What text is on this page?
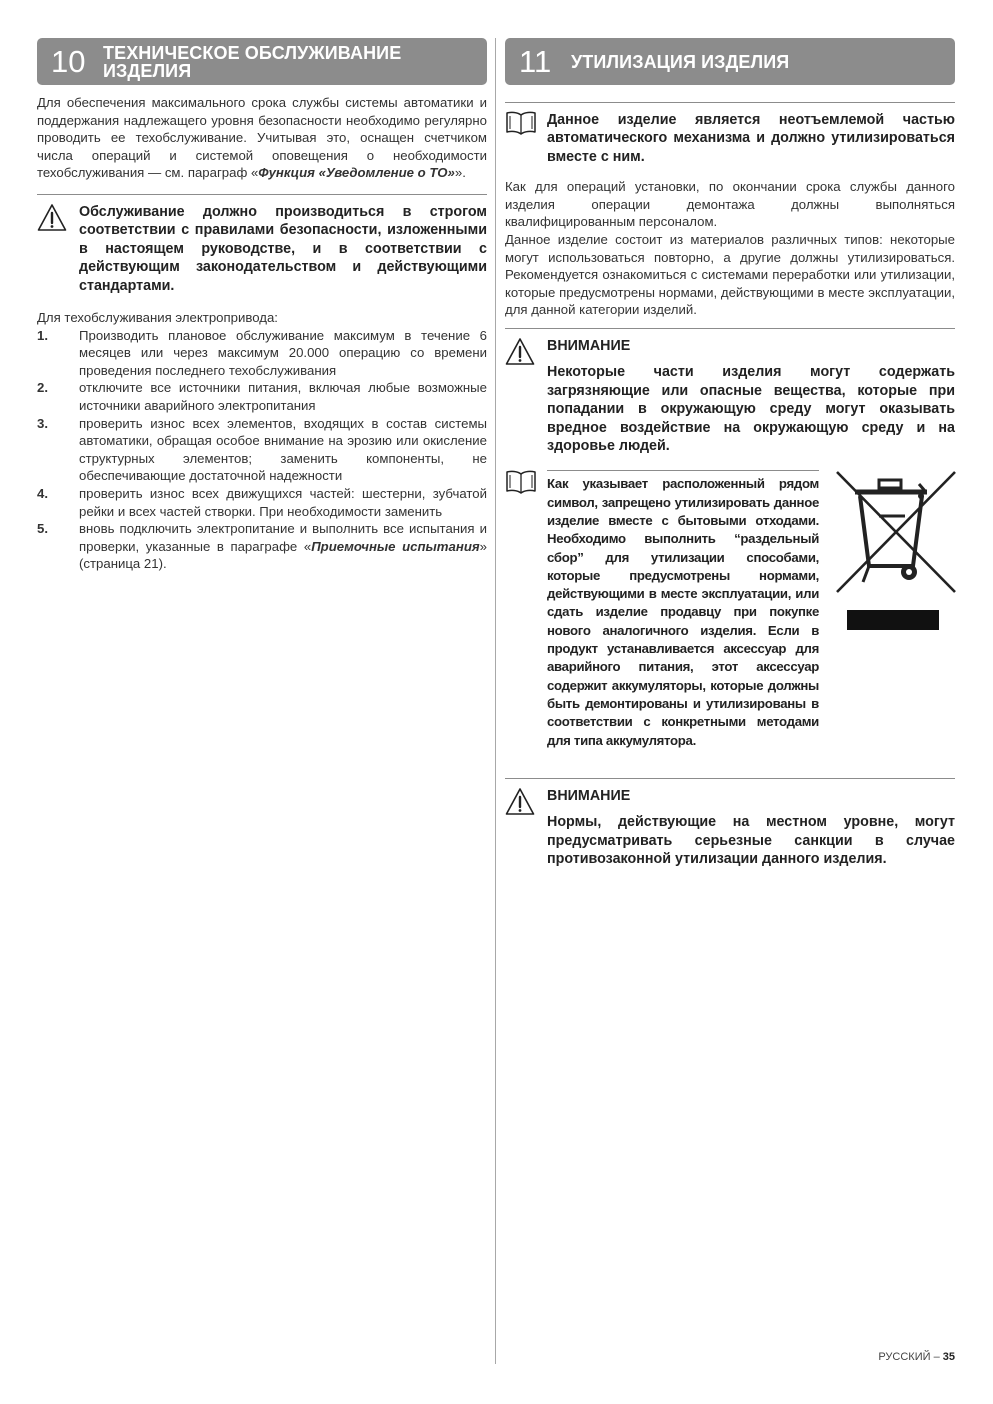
10 ТЕХНИЧЕСКОЕ ОБСЛУЖИВАНИЕ
ИЗДЕЛИЯ

Для обеспечения максимального срока службы системы автоматики и поддержания надлежащего уровня безопасности необходимо регулярно проводить ее техобслуживание. Учитывая это, оснащен счетчиком числа операций и системой оповещения о необходимости техобслуживания — см. параграф «Функция «Уведомление о ТО»».

Обслуживание должно производиться в строгом соответствии с правилами безопасности, изложенными в настоящем руководстве, и в соответствии с действующим законодательством и действующими стандартами.

Для техобслуживания электропривода:

1.	Производить плановое обслуживание максимум в течение 6 месяцев или через максимум 20.000 операцию со времени проведения последнего техобслуживания
2.	отключите все источники питания, включая любые возможные источники аварийного электропитания
3.	проверить износ всех элементов, входящих в состав системы автоматики, обращая особое внимание на эрозию или окисление структурных элементов; заменить компоненты, не обеспечивающие достаточной надежности
4.	проверить износ всех движущихся частей: шестерни, зубчатой рейки и всех частей створки. При необходимости заменить
5.	вновь подключить электропитание и выполнить все испытания и проверки, указанные в параграфе «Приемочные испытания» (страница 21).
11	УТИЛИЗАЦИЯ ИЗДЕЛИЯ
Данное изделие является неотъемлемой частью автоматического механизма и должно утилизироваться вместе с ним.

Как для операций установки, по окончании срока службы данного изделия операции демонтажа должны выполняться квалифицированным персоналом.

Данное изделие состоит из материалов различных типов: некоторые могут использоваться повторно, а другие должны утилизироваться. Рекомендуется ознакомиться с системами переработки или утилизации, которые предусмотрены нормами, действующими в месте эксплуатации, для данной категории изделий.

ВНИМАНИЕ
Некоторые части изделия могут содержать загрязняющие или опасные вещества, которые при попадании в окружающую среду могут оказывать вредное воздействие на окружающую среду и на здоровье людей.
Как указывает расположенный рядом символ, запрещено утилизировать данное изделие вместе с бытовыми отходами. Необходимо выполнить “раздельный сбор” для утилизации способами, которые предусмотрены нормами, действующими в месте эксплуатации, или сдать изделие продавцу при покупке нового аналогичного изделия. Если в продукт устанавливается аксессуар для аварийного питания, этот аксессуар содержит аккумуляторы, которые должны быть демонтированы и утилизированы в соответствии с конкретными методами для типа аккумулятора.
ВНИМАНИЕ
Нормы, действующие на местном уровне, могут предусматривать серьезные санкции в случае противозаконной утилизации данного изделия.
РУССКИЙ – 35
